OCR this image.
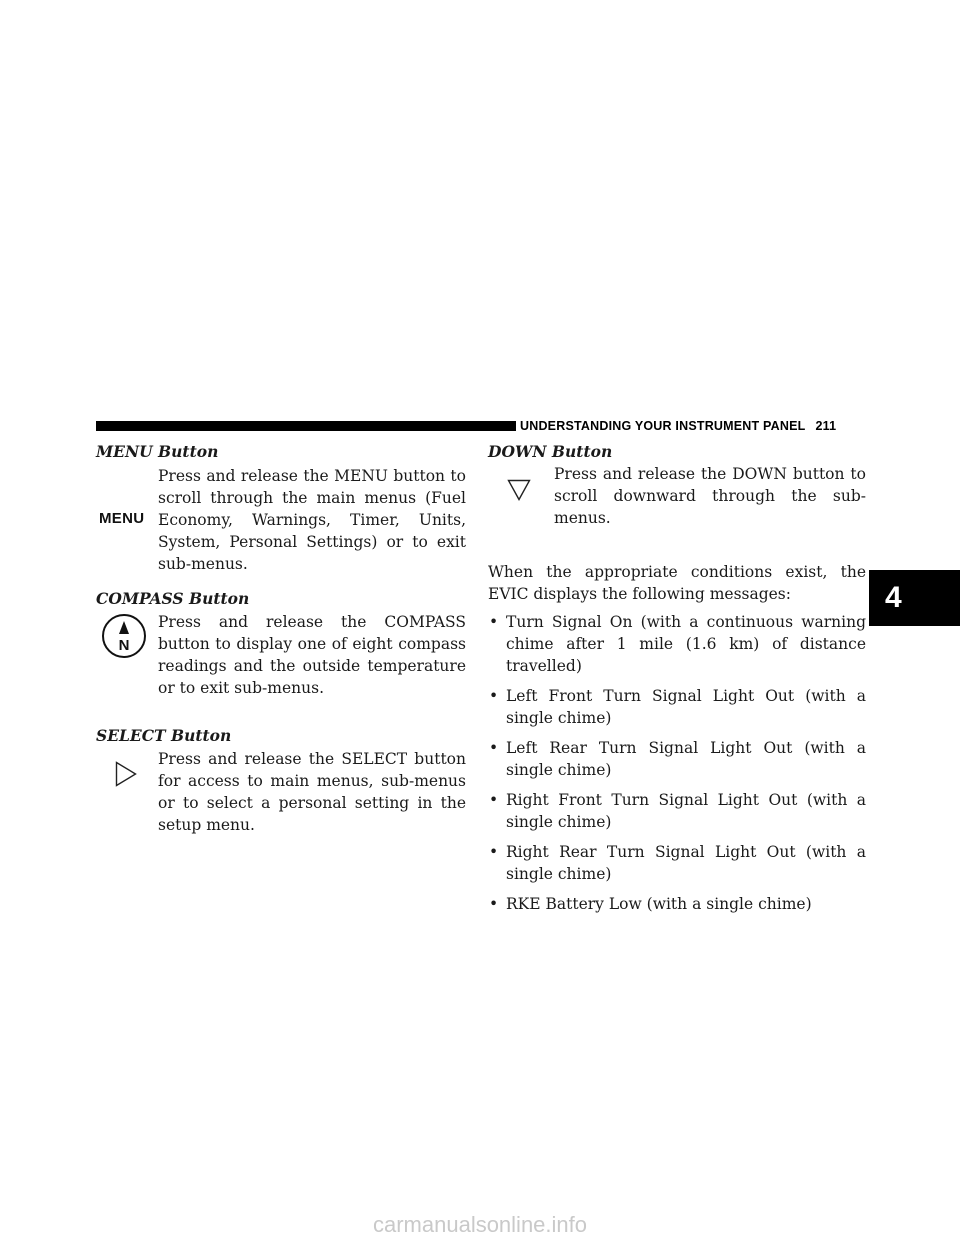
UNDERSTANDING YOUR INSTRUMENT PANEL 211
4
MENU Button
MENU
Press and release the MENU button to scroll through the main menus (Fuel Economy, Warnings, Timer, Units, System, Personal Settings) or to exit sub-menus.
COMPASS Button
N
Press and release the COMPASS button to display one of eight compass readings and the outside temperature or to exit sub-menus.
SELECT Button
Press and release the SELECT button for access to main menus, sub-menus or to select a personal setting in the setup menu.
DOWN Button
Press and release the DOWN button to scroll downward through the sub-menus.

When the appropriate conditions exist, the EVIC displays the following messages:

• Turn Signal On (with a continuous warning chime after 1 mile (1.6 km) of distance travelled)
• Left Front Turn Signal Light Out (with a single chime)
• Left Rear Turn Signal Light Out (with a single chime)
• Right Front Turn Signal Light Out (with a single chime)
• Right Rear Turn Signal Light Out (with a single chime)
• RKE Battery Low (with a single chime)
carmanualsonline.info
